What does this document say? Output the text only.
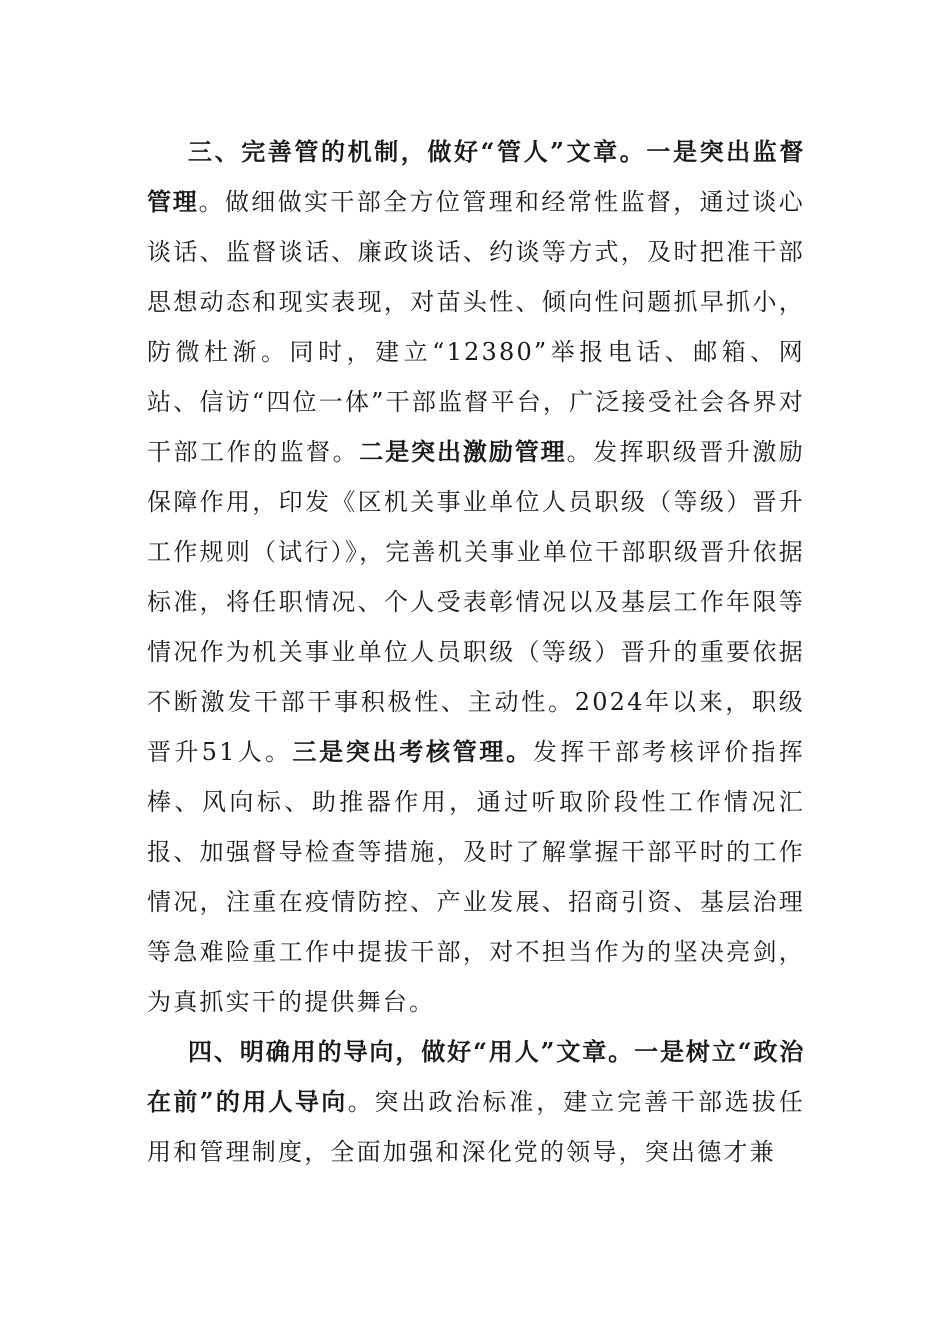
三、完善管的机制，做好“管人”文章。一是突出监督管理。做细做实干部全方位管理和经常性监督，通过谈心谈话、监督谈话、廉政谈话、约谈等方式，及时把准干部思想动态和现实表现，对苗头性、倾向性问题抓早抓小，防微杜渐。同时，建立“12380”举报电话、邮箱、网站、信访“四位一体”干部监督平台，广泛接受社会各界对干部工作的监督。二是突出激励管理。发挥职级晋升激励保障作用，印发《区机关事业单位人员职级（等级）晋升工作规则（试行）》，完善机关事业单位干部职级晋升依据标准，将任职情况、个人受表彰情况以及基层工作年限等情况作为机关事业单位人员职级（等级）晋升的重要依据不断激发干部干事积极性、主动性。2024年以来，职级晋升51人。三是突出考核管理。发挥干部考核评价指挥棒、风向标、助推器作用，通过听取阶段性工作情况汇报、加强督导检查等措施，及时了解掌握干部平时的工作情况，注重在疫情防控、产业发展、招商引资、基层治理等急难险重工作中提拔干部，对不担当作为的坚决亮剑，为真抓实干的提供舞台。

四、明确用的导向，做好“用人”文章。一是树立“政治在前”的用人导向。突出政治标准，建立完善干部选拔任用和管理制度，全面加强和深化党的领导，突出德才兼
